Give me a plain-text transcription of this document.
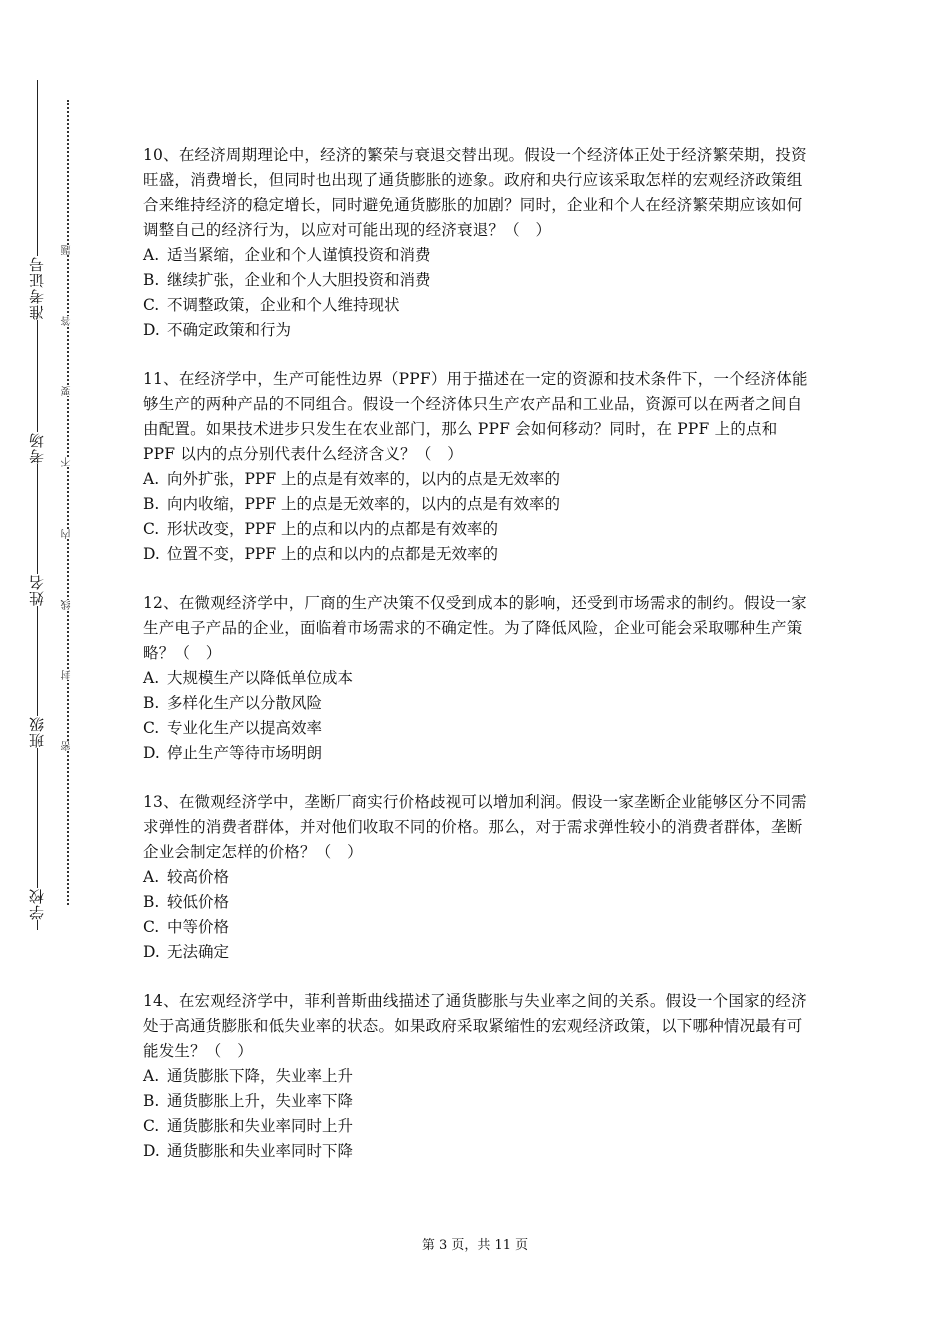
准考证号
考场
姓名
班级
学校
题
答
要
不
内
线
封
密

10、在经济周期理论中，经济的繁荣与衰退交替出现。假设一个经济体正处于经济繁荣期，投资旺盛，消费增长，但同时也出现了通货膨胀的迹象。政府和央行应该采取怎样的宏观经济政策组合来维持经济的稳定增长，同时避免通货膨胀的加剧？同时，企业和个人在经济繁荣期应该如何调整自己的经济行为，以应对可能出现的经济衰退？（　）

A. 适当紧缩，企业和个人谨慎投资和消费
B. 继续扩张，企业和个人大胆投资和消费
C. 不调整政策，企业和个人维持现状
D. 不确定政策和行为

11、在经济学中，生产可能性边界（PPF）用于描述在一定的资源和技术条件下，一个经济体能够生产的两种产品的不同组合。假设一个经济体只生产农产品和工业品，资源可以在两者之间自由配置。如果技术进步只发生在农业部门，那么 PPF 会如何移动？同时，在 PPF 上的点和 PPF 以内的点分别代表什么经济含义？（　）

A. 向外扩张，PPF 上的点是有效率的，以内的点是无效率的
B. 向内收缩，PPF 上的点是无效率的，以内的点是有效率的
C. 形状改变，PPF 上的点和以内的点都是有效率的
D. 位置不变，PPF 上的点和以内的点都是无效率的

12、在微观经济学中，厂商的生产决策不仅受到成本的影响，还受到市场需求的制约。假设一家生产电子产品的企业，面临着市场需求的不确定性。为了降低风险，企业可能会采取哪种生产策略？（　）

A. 大规模生产以降低单位成本
B. 多样化生产以分散风险
C. 专业化生产以提高效率
D. 停止生产等待市场明朗

13、在微观经济学中，垄断厂商实行价格歧视可以增加利润。假设一家垄断企业能够区分不同需求弹性的消费者群体，并对他们收取不同的价格。那么，对于需求弹性较小的消费者群体，垄断企业会制定怎样的价格？（　）

A. 较高价格
B. 较低价格
C. 中等价格
D. 无法确定

14、在宏观经济学中，菲利普斯曲线描述了通货膨胀与失业率之间的关系。假设一个国家的经济处于高通货膨胀和低失业率的状态。如果政府采取紧缩性的宏观经济政策，以下哪种情况最有可能发生？（　）

A. 通货膨胀下降，失业率上升
B. 通货膨胀上升，失业率下降
C. 通货膨胀和失业率同时上升
D. 通货膨胀和失业率同时下降
第 3 页，共 11 页
